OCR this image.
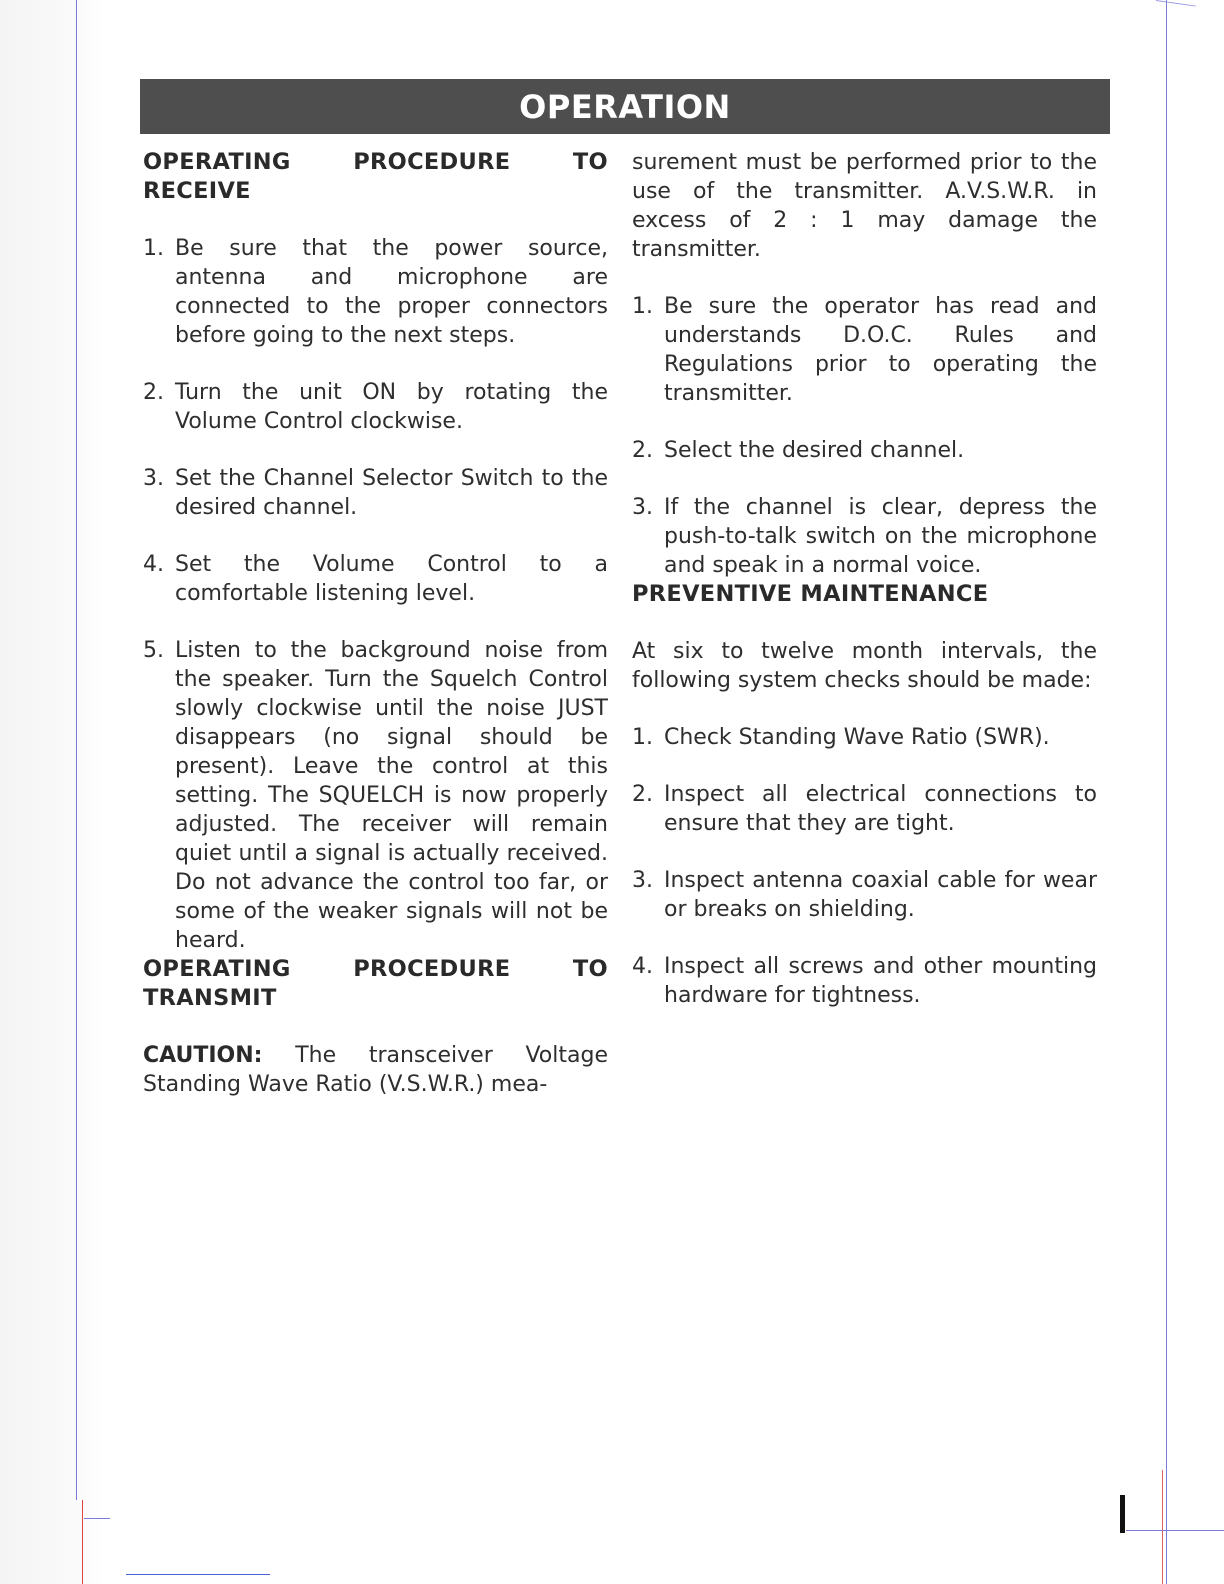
OPERATION

OPERATING PROCEDURE TO RECEIVE

1. Be sure that the power source, antenna and microphone are connected to the proper connectors before going to the next steps.
2. Turn the unit ON by rotating the Volume Control clockwise.
3. Set the Channel Selector Switch to the desired channel.
4. Set the Volume Control to a comfortable listening level.
5. Listen to the background noise from the speaker. Turn the Squelch Control slowly clockwise until the noise JUST disappears (no signal should be present). Leave the control at this setting. The SQUELCH is now properly adjusted. The receiver will remain quiet until a signal is actually received. Do not advance the control too far, or some of the weaker signals will not be heard.

OPERATING PROCEDURE TO TRANSMIT

CAUTION: The transceiver Voltage Standing Wave Ratio (V.S.W.R.) mea-

surement must be performed prior to the use of the transmitter. A.V.S.W.R. in excess of 2 : 1 may damage the transmitter.

1. Be sure the operator has read and understands D.O.C. Rules and Regulations prior to operating the transmitter.
2. Select the desired channel.
3. If the channel is clear, depress the push-to-talk switch on the microphone and speak in a normal voice.

PREVENTIVE MAINTENANCE

At six to twelve month intervals, the following system checks should be made:

1. Check Standing Wave Ratio (SWR).
2. Inspect all electrical connections to ensure that they are tight.
3. Inspect antenna coaxial cable for wear or breaks on shielding.
4. Inspect all screws and other mounting hardware for tightness.
